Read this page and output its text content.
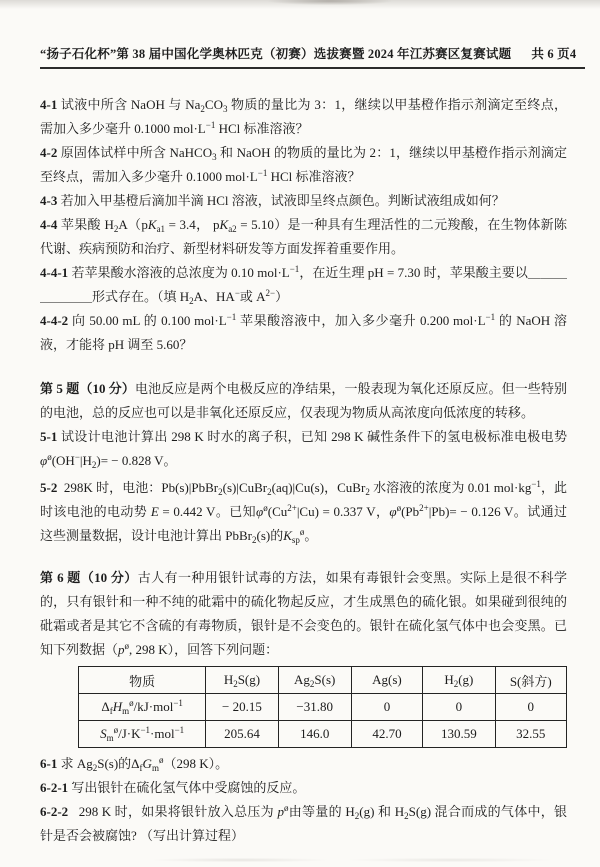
“扬子石化杯”第 38 届中国化学奥林匹克（初赛）选拔赛暨 2024 年江苏赛区复赛试题 共 6 页 4
4-1 试液中所含 NaOH 与 $Na_2CO_3$ 物质的量比为 3：1，继续以甲基橙作指示剂滴定至终点，需加入多少毫升 0.1000 $mol\cdot L^{-1}$ HCl 标准溶液？
4-2 原固体试样中所含 NaHCO$_3$ 和 NaOH 的物质的量比为 2：1，继续以甲基橙作指示剂滴定至终点，需加入多少毫升 0.1000 $mol\cdot L^{-1}$ HCl 标准溶液？
4-3 若加入甲基橙后滴加半滴 HCl 溶液，试液即呈终点颜色。判断试液组成如何？
4-4 苹果酸 $H_2A(pK_{a1} = 3.4$， $pK_{a2} = 5.10$）是一种具有生理活性的二元羧酸，在生物体新陈代谢、疾病预防和治疗、新型材料研发等方面发挥着重要作用。
4-4-1 若苹果酸水溶液的总浓度为 0.10 $mol\cdot L^{-1}$，在近生理 pH = 7.30 时，苹果酸主要以＿＿＿＿＿＿＿形式存在。（填 $H_2A$、HA−或 $A^{2-}$）
4-4-2 向 50.00 mL 的 0.100 $mol\cdot L^{-1}$ 苹果酸溶液中，加入多少毫升 0.200 $mol\cdot L^{-1}$ 的 NaOH 溶液，才能将 pH 调至 5.60？
第 5 题（10 分）电池反应是两个电极反应的净结果，一般表现为氧化还原反应。但一些特别的电池，总的反应也可以是非氧化还原反应，仅表现为物质从高浓度向低浓度的转移。
5-1 试设计电池计算出 298 K 时水的离子积，已知 298 K 碱性条件下的氢电极标准电极电势 $\varphi^ø(OH^-|H_2)= - 0.828$ V。
5-2  298K 时，电池：Pb(s)|PbBr$_2$(s)|CuBr$_2$(aq)|Cu(s)，CuBr$_2$ 水溶液的浓度为 0.01 $mol\cdot kg^{-1}$，此时该电池的电动势 E = 0.442 V。已知$\varphi^ø(Cu^{2+}|Cu) = 0.337$ V，$\varphi^ø(Pb^{2+}|Pb)= - 0.126$ V。试通过这些测量数据，设计电池计算出 PbBr$_2$(s)的$K_{sp}^ø$。
第 6 题（10 分）古人有一种用银针试毒的方法，如果有毒银针会变黑。实际上是很不科学的，只有银针和一种不纯的砒霜中的硫化物起反应，才生成黑色的硫化银。如果碰到很纯的砒霜或者是其它不含硫的有毒物质，银针是不会变色的。银针在硫化氢气体中也会变黑。已知下列数据（$p^ø$, 298 K），回答下列问题：
物质	$H_2S(g)$	$Ag_2S(s)$	Ag(s)	$H_2(g)$	S(斜方)
$\Delta_fH_m^ø/kJ\cdot mol^{-1}$	− 20.15	−31.80	0	0	0
$S_m^ø/J\cdot K^{-1}\cdot mol^{-1}$	205.64	146.0	42.70	130.59	32.55
6-1 求 $Ag_2S(s)$的$\Delta_fG_m^ø(298$ K）。
6-2-1 写出银针在硫化氢气体中受腐蚀的反应。
6-2-2   298 K 时，如果将银针放入总压为 $p^ø$由等量的 $H_2(g)$ 和 $H_2S(g)$ 混合而成的气体中，银针是否会被腐蚀? （写出计算过程）
